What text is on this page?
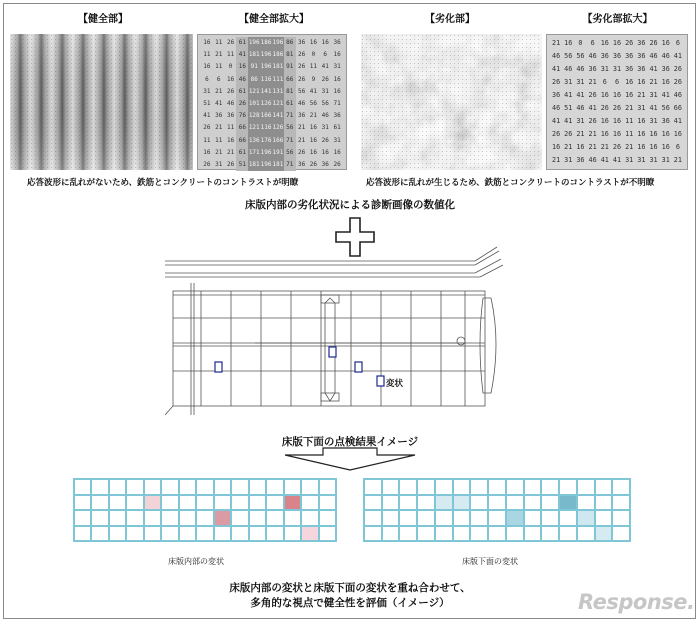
【健全部】	【健全部拡大】	【劣化部】	【劣化部拡大】
16 11 26 61 196 186 196 86 36 16 16 36
11 21 11 41 181 196 186 81 26	0	6	16
16 11	0	16 91 196 181 91 26 11 41 31
6	6	16 46 86 116 111 66 26	9	26 16
31 21 26 61 121 141 131 81 56 41 31 16
51 41 46 26 101 126 121 61 46 56 56 71
41 36 36 76 128 166 141 71 36 21 46 36
26 21 11 66 121 116 126 56 21 16 31 61
11 11 16 66 136 176 166 71 21 16 26 31
16 21 21 61 171 196 191 56 26 16 16 16
26 31 26 51 181 196 181 71 36 26 36 26
21 16 0	6 16 16 26 36 26 16 6
46 56 56 46 36 36 36 36 46 46 41
41 46 46 36 31 31 36 36 41 36 26
26 31 31 21 6	6 16 16 21 16 26
36 41 41 26 16 16 16 21 31 41 46
46 51 46 41 26 26 21 31 41 56 66
41 41 31 26 16 16 11 16 31 36 41
26 26 21 21 16 16 11 16 16 16 16
16 21 16 21 21 26 21 16 16 16 6
21 31 36 46 41 41 31 31 31 31 21
応答波形に乱れがないため、鉄筋とコンクリートのコントラストが明瞭	応答波形に乱れが生じるため、鉄筋とコンクリートのコントラストが不明瞭
床版内部の劣化状況による診断画像の数値化
変状
床版下面の点検結果イメージ
床版内部の変状	床版下面の変状
床版内部の変状と床版下面の変状を重ね合わせて、
多角的な視点で健全性を評価（イメージ）	Response.
